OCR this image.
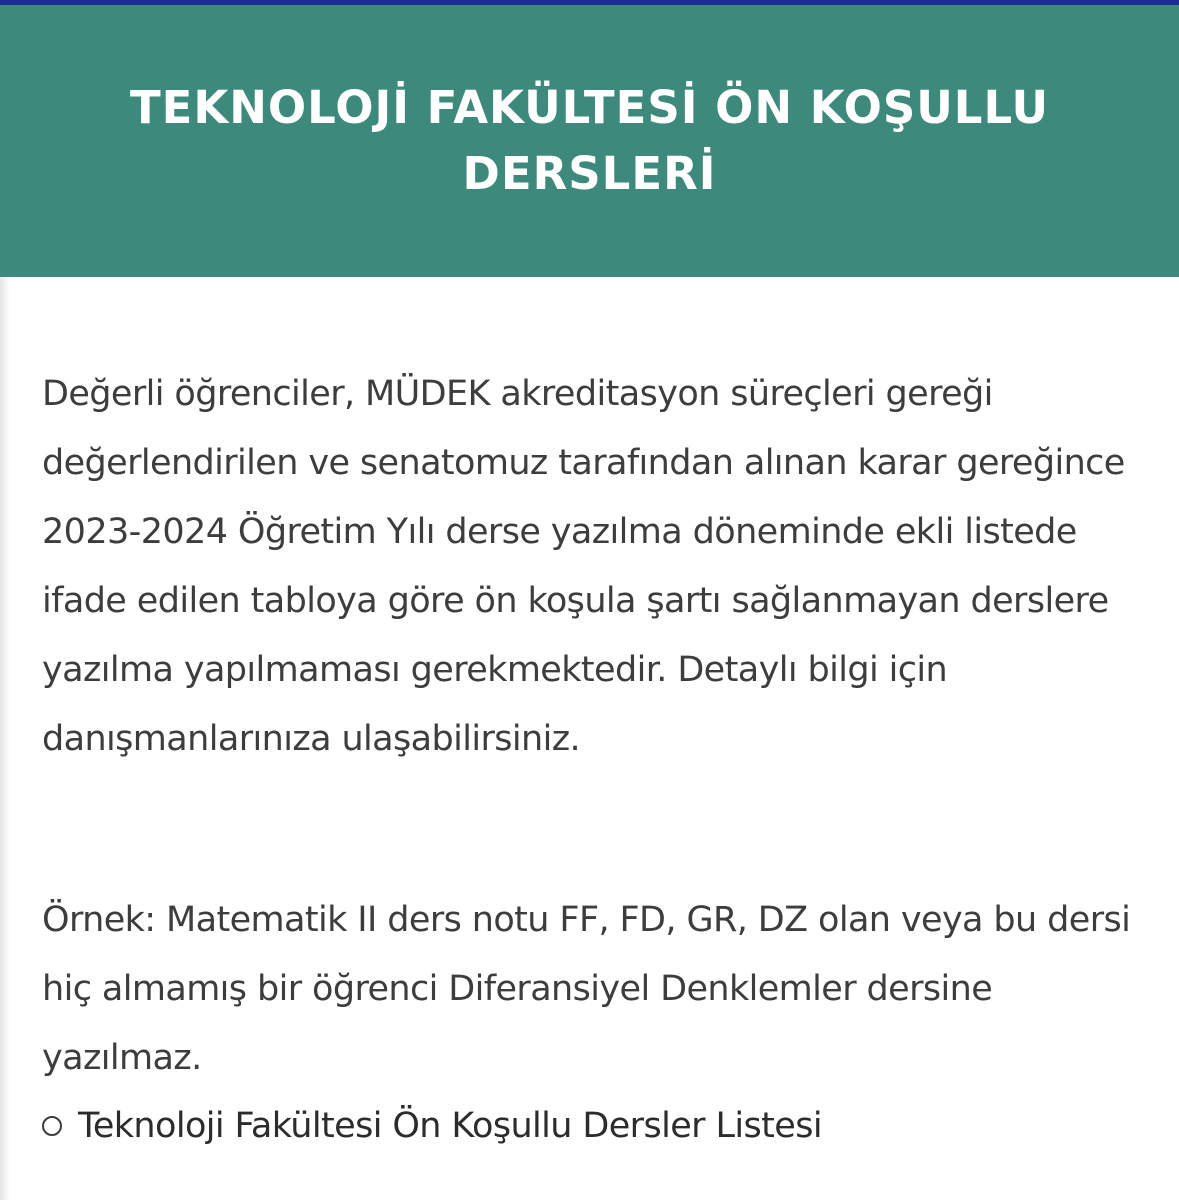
TEKNOLOJİ FAKÜLTESİ ÖN KOŞULLU DERSLERİ

Değerli öğrenciler, MÜDEK akreditasyon süreçleri gereği değerlendirilen ve senatomuz tarafından alınan karar gereğince 2023-2024 Öğretim Yılı derse yazılma döneminde ekli listede ifade edilen tabloya göre ön koşula şartı sağlanmayan derslere yazılma yapılmaması gerekmektedir. Detaylı bilgi için danışmanlarınıza ulaşabilirsiniz.

Örnek: Matematik II ders notu FF, FD, GR, DZ olan veya bu dersi hiç almamış bir öğrenci Diferansiyel Denklemler dersine yazılmaz.

Teknoloji Fakültesi Ön Koşullu Dersler Listesi
